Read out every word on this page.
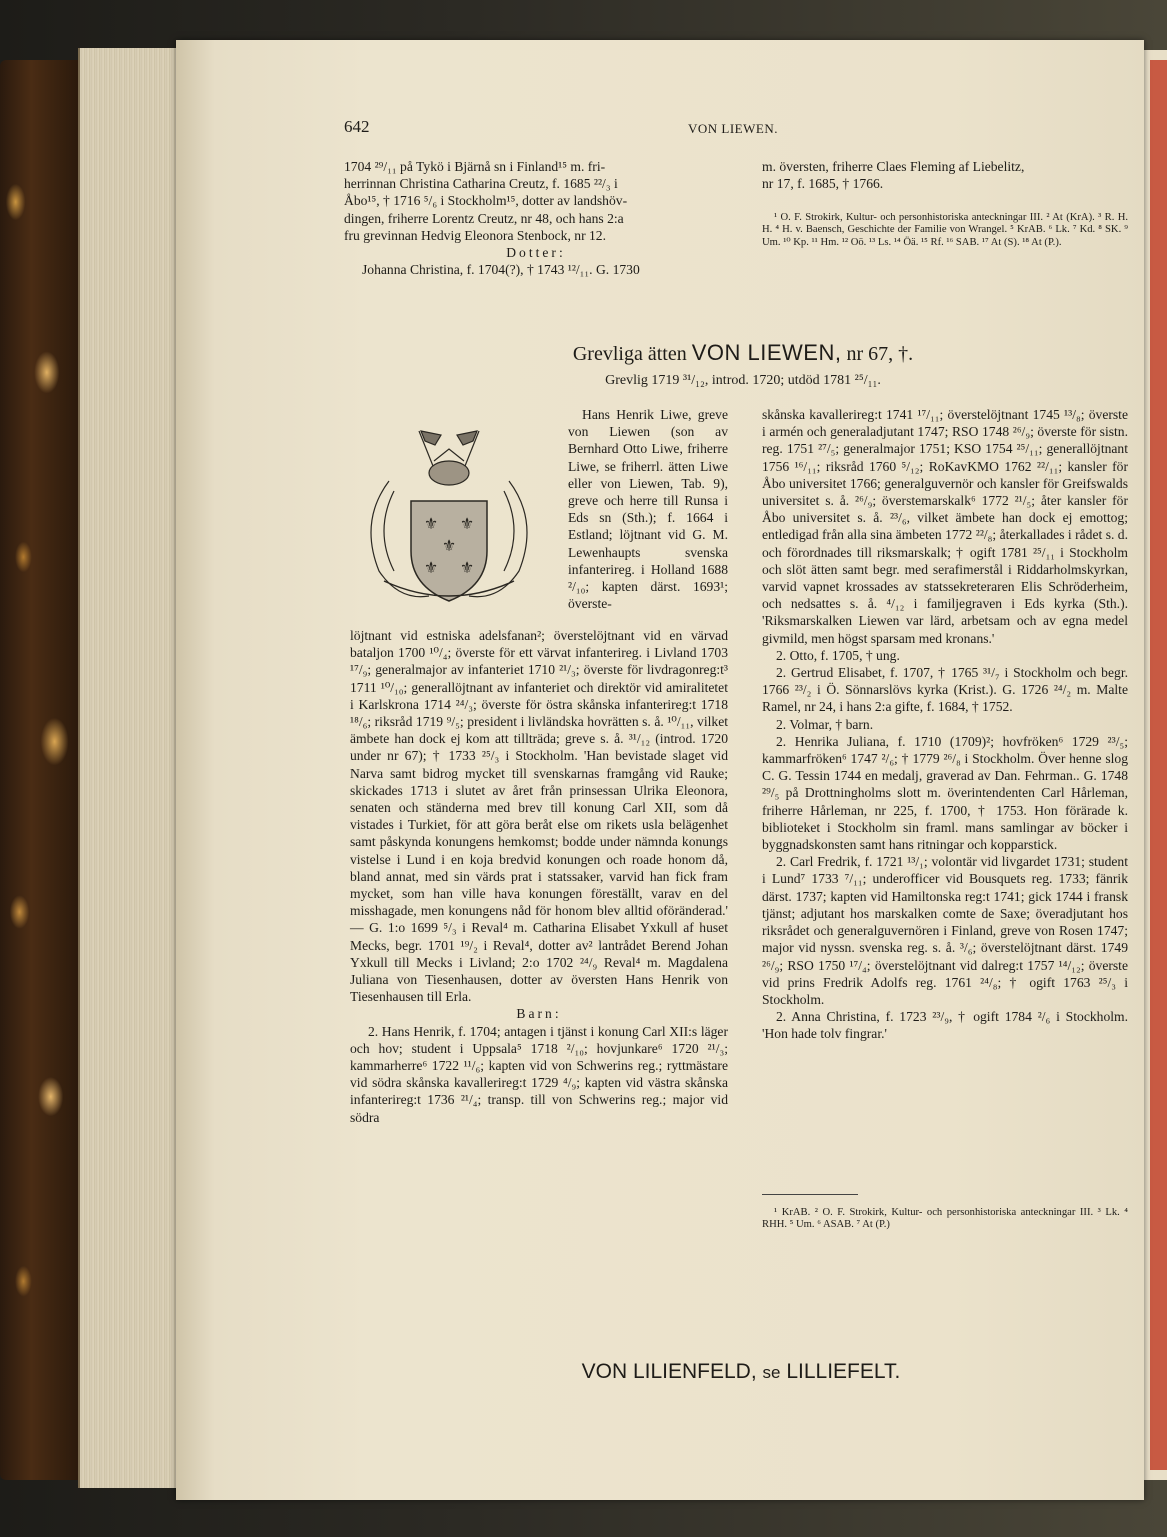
642	VON LIEWEN.

1704 ²⁹/₁₁ på Tykö i Bjärnå sn i Finland¹⁵ m. fri-

herrinnan Christina Catharina Creutz, f. 1685 ²²/₃ i

Åbo¹⁵, † 1716 ⁵/₆ i Stockholm¹⁵, dotter av landshöv-

dingen, friherre Lorentz Creutz, nr 48, och hans 2:a

fru grevinnan Hedvig Eleonora Stenbock, nr 12.

Dotter:

Johanna Christina, f. 1704(?), † 1743 ¹²/₁₁. G. 1730

m. översten, friherre Claes Fleming af Liebelitz,

nr 17, f. 1685, † 1766.

¹ O. F. Strokirk, Kultur- och personhistoriska anteckningar III. ² At (KrA). ³ R. H. H. ⁴ H. v. Baensch, Geschichte der Familie von Wrangel. ⁵ KrAB. ⁶ Lk. ⁷ Kd. ⁸ SK. ⁹ Um. ¹⁰ Kp. ¹¹ Hm. ¹² Oö. ¹³ Ls. ¹⁴ Öä. ¹⁵ Rf. ¹⁶ SAB. ¹⁷ At (S). ¹⁸ At (P.).

Grevliga ätten VON LIEWEN, nr 67, †.
Grevlig 1719 ³¹/₁₂, introd. 1720; utdöd 1781 ²⁵/₁₁.
⚜ ⚜
⚜
⚜ ⚜

Hans Henrik Liwe, greve von Liewen (son av Bernhard Otto Liwe, friherre Liwe, se friherrl. ätten Liwe eller von Liewen, Tab. 9), greve och herre till Runsa i Eds sn (Sth.); f. 1664 i Estland; löjtnant vid G. M. Lewenhaupts svenska infanterireg. i Holland 1688 ²/₁₀; kapten därst. 1693¹; överste-

löjtnant vid estniska adelsfanan²; överstelöjtnant vid en värvad bataljon 1700 ¹⁰/₄; överste för ett värvat infanterireg. i Livland 1703 ¹⁷/₉; generalmajor av infanteriet 1710 ²¹/₃; överste för livdragonreg:t³ 1711 ¹⁰/₁₀; generallöjtnant av infanteriet och direktör vid amiralitetet i Karlskrona 1714 ²⁴/₃; överste för östra skånska infanterireg:t 1718 ¹⁸/₆; riksråd 1719 ⁹/₅; president i livländska hovrätten s. å. ¹⁰/₁₁, vilket ämbete han dock ej kom att tillträda; greve s. å. ³¹/₁₂ (introd. 1720 under nr 67); † 1733 ²⁵/₃ i Stockholm. 'Han bevistade slaget vid Narva samt bidrog mycket till svenskarnas framgång vid Rauke; skickades 1713 i slutet av året från prinsessan Ulrika Eleonora, senaten och ständerna med brev till konung Carl XII, som då vistades i Turkiet, för att göra beråt else om rikets usla belägenhet samt påskynda konungens hemkomst; bodde under nämnda konungs vistelse i Lund i en koja bredvid konungen och roade honom då, bland annat, med sin värds prat i statssaker, varvid han fick fram mycket, som han ville hava konungen föreställt, varav en del misshagade, men konungens nåd för honom blev alltid oföränderad.' — G. 1:o 1699 ⁵/₃ i Reval⁴ m. Catharina Elisabet Yxkull af huset Mecks, begr. 1701 ¹⁹/₂ i Reval⁴, dotter av² lantrådet Berend Johan Yxkull till Mecks i Livland; 2:o 1702 ²⁴/₉ Reval⁴ m. Magdalena Juliana von Tiesenhausen, dotter av översten Hans Henrik von Tiesenhausen till Erla.

Barn:

2. Hans Henrik, f. 1704; antagen i tjänst i konung Carl XII:s läger och hov; student i Uppsala⁵ 1718 ²/₁₀; hovjunkare⁶ 1720 ²¹/₃; kammarherre⁶ 1722 ¹¹/₆; kapten vid von Schwerins reg.; ryttmästare vid södra skånska kavallerireg:t 1729 ⁴/₉; kapten vid västra skånska infanterireg:t 1736 ²¹/₄; transp. till von Schwerins reg.; major vid södra

skånska kavallerireg:t 1741 ¹⁷/₁₁; överstelöjtnant 1745 ¹³/₈; överste i armén och generaladjutant 1747; RSO 1748 ²⁶/₉; överste för sistn. reg. 1751 ²⁷/₅; generalmajor 1751; KSO 1754 ²⁵/₁₁; generallöjtnant 1756 ¹⁶/₁₁; riksråd 1760 ⁵/₁₂; RoKavKMO 1762 ²²/₁₁; kansler för Åbo universitet 1766; generalguvernör och kansler för Greifswalds universitet s. å. ²⁶/₉; överstemarskalk⁶ 1772 ²¹/₅; åter kansler för Åbo universitet s. å. ²³/₆, vilket ämbete han dock ej emottog; entledigad från alla sina ämbeten 1772 ²²/₈; återkallades i rådet s. d. och förordnades till riksmarskalk; † ogift 1781 ²⁵/₁₁ i Stockholm och slöt ätten samt begr. med serafimerstål i Riddarholmskyrkan, varvid vapnet krossades av statssekreteraren Elis Schröderheim, och nedsattes s. å. ⁴/₁₂ i familjegraven i Eds kyrka (Sth.). 'Riksmarskalken Liewen var lärd, arbetsam och av egna medel givmild, men högst sparsam med kronans.'

2. Otto, f. 1705, † ung.

2. Gertrud Elisabet, f. 1707, † 1765 ³¹/₇ i Stockholm och begr. 1766 ²³/₂ i Ö. Sönnarslövs kyrka (Krist.). G. 1726 ²⁴/₂ m. Malte Ramel, nr 24, i hans 2:a gifte, f. 1684, † 1752.

2. Volmar, † barn.

2. Henrika Juliana, f. 1710 (1709)²; hovfröken⁶ 1729 ²³/₅; kammarfröken⁶ 1747 ²/₆; † 1779 ²⁶/₈ i Stockholm. Över henne slog C. G. Tessin 1744 en medalj, graverad av Dan. Fehrman.. G. 1748 ²⁹/₅ på Drottningholms slott m. överintendenten Carl Hårleman, friherre Hårleman, nr 225, f. 1700, † 1753. Hon förärade k. biblioteket i Stockholm sin framl. mans samlingar av böcker i byggnadskonsten samt hans ritningar och kopparstick.

2. Carl Fredrik, f. 1721 ¹³/₁; volontär vid livgardet 1731; student i Lund⁷ 1733 ⁷/₁₁; underofficer vid Bousquets reg. 1733; fänrik därst. 1737; kapten vid Hamiltonska reg:t 1741; gick 1744 i fransk tjänst; adjutant hos marskalken comte de Saxe; överadjutant hos riksrådet och generalguvernören i Finland, greve von Rosen 1747; major vid nyssn. svenska reg. s. å. ³/₆; överstelöjtnant därst. 1749 ²⁶/₉; RSO 1750 ¹⁷/₄; överstelöjtnant vid dalreg:t 1757 ¹⁴/₁₂; överste vid prins Fredrik Adolfs reg. 1761 ²⁴/₈; † ogift 1763 ²⁵/₃ i Stockholm.

2. Anna Christina, f. 1723 ²³/₉, † ogift 1784 ²/₆ i Stockholm. 'Hon hade tolv fingrar.'

¹ KrAB. ² O. F. Strokirk, Kultur- och personhistoriska anteckningar III. ³ Lk. ⁴ RHH. ⁵ Um. ⁶ ASAB. ⁷ At (P.)

VON LILIENFELD, se LILLIEFELT.
